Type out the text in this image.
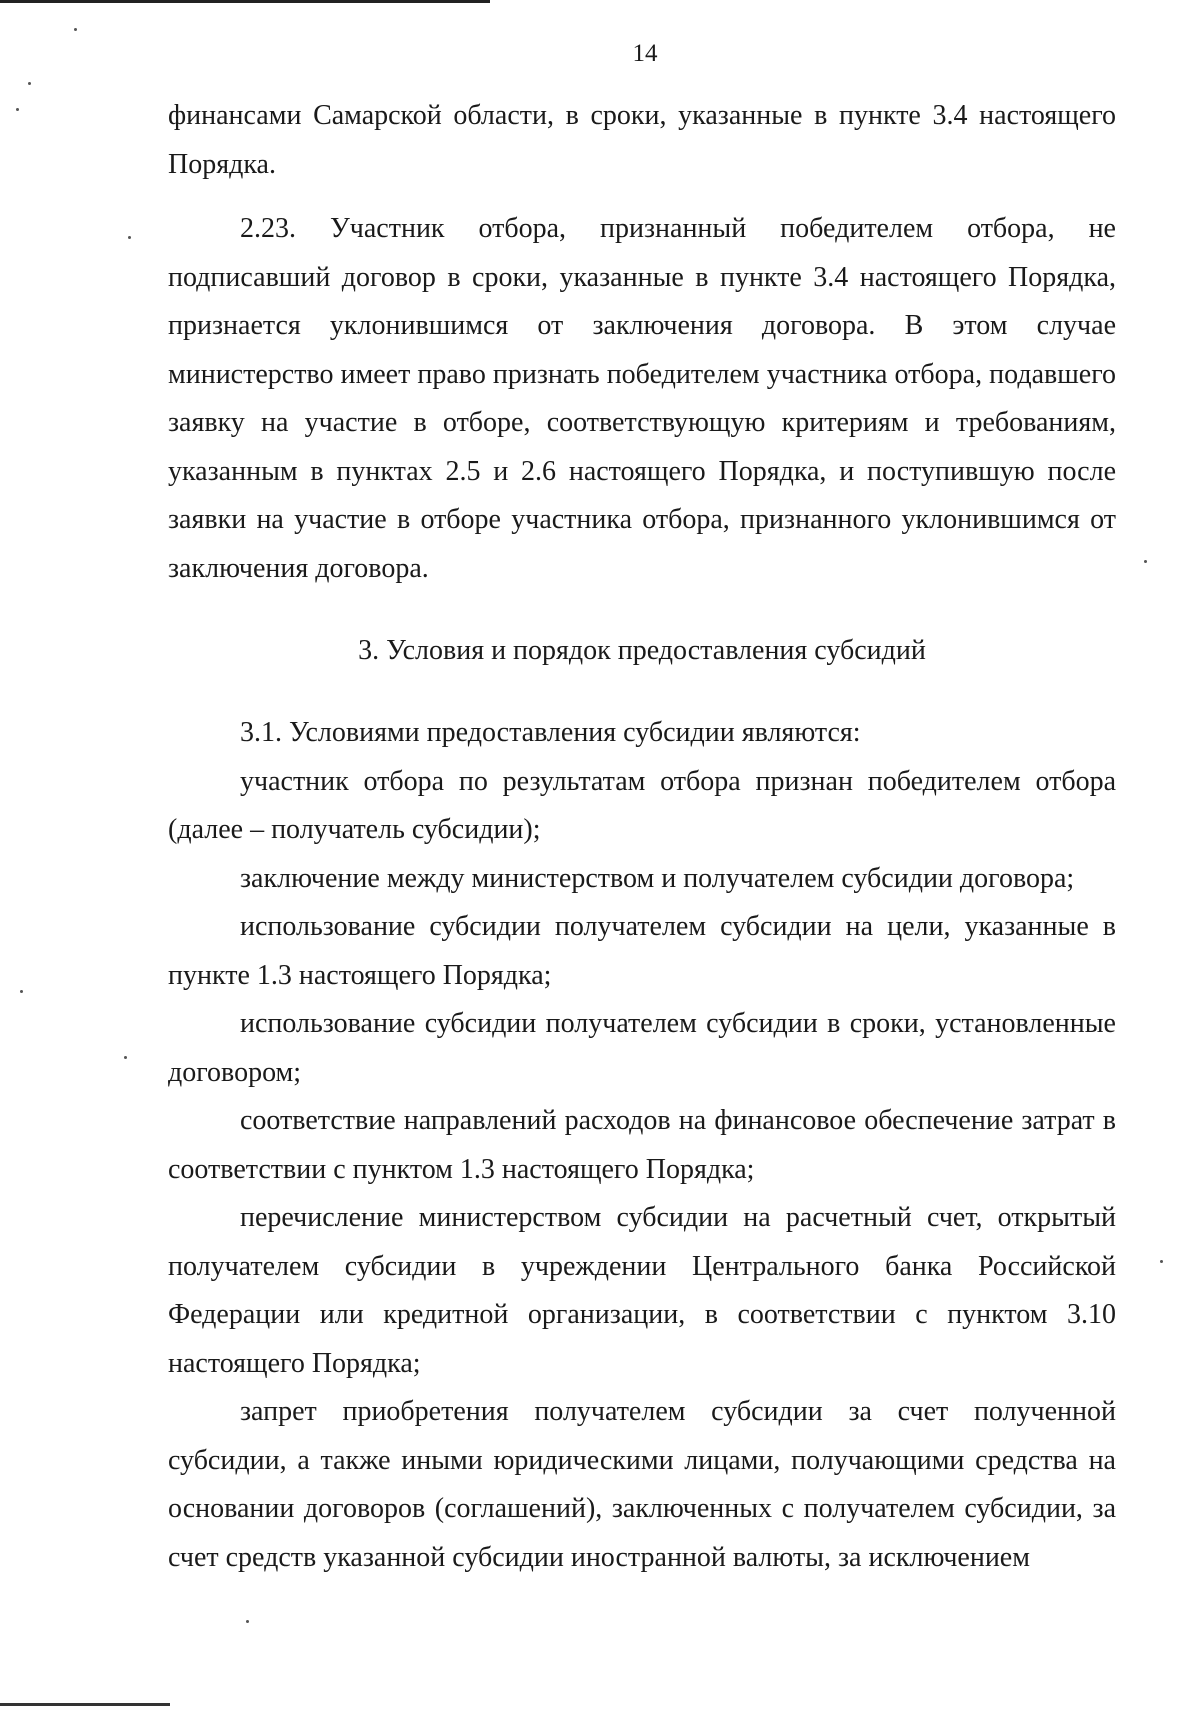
14

финансами Самарской области, в сроки, указанные в пункте 3.4 настоящего Порядка.

2.23. Участник отбора, признанный победителем отбора, не подписавший договор в сроки, указанные в пункте 3.4 настоящего Порядка, признается уклонившимся от заключения договора. В этом случае министерство имеет право признать победителем участника отбора, подавшего заявку на участие в отборе, соответствующую критериям и требованиям, указанным в пунктах 2.5 и 2.6 настоящего Порядка, и поступившую после заявки на участие в отборе участника отбора, признанного уклонившимся от заключения договора.

3. Условия и порядок предоставления субсидий

3.1. Условиями предоставления субсидии являются:

участник отбора по результатам отбора признан победителем отбора (далее – получатель субсидии);

заключение между министерством и получателем субсидии договора;

использование субсидии получателем субсидии на цели, указанные в пункте 1.3 настоящего Порядка;

использование субсидии получателем субсидии в сроки, установленные договором;

соответствие направлений расходов на финансовое обеспечение затрат в соответствии с пунктом 1.3 настоящего Порядка;

перечисление министерством субсидии на расчетный счет, открытый получателем субсидии в учреждении Центрального банка Российской Федерации или кредитной организации, в соответствии с пунктом 3.10 настоящего Порядка;

запрет приобретения получателем субсидии за счет полученной субсидии, а также иными юридическими лицами, получающими средства на основании договоров (соглашений), заключенных с получателем субсидии, за счет средств указанной субсидии иностранной валюты, за исключением
